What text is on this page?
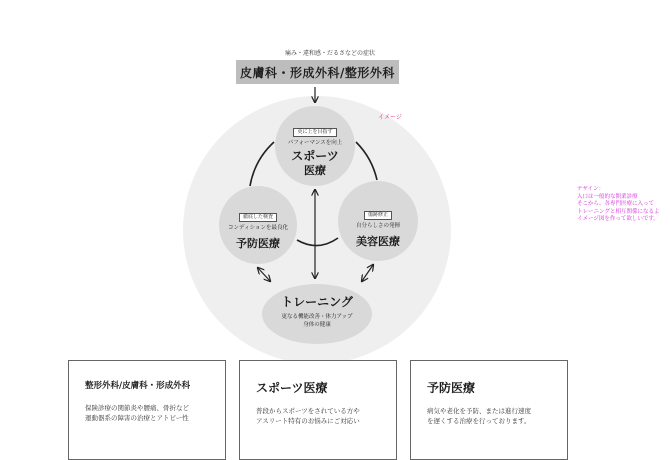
痛み・違和感・だるさなどの症状
皮膚科・形成外科/整形外科
更に上を目指す
パフォーマンスを向上
スポーツ
医療
徹底した検査
コンディションを最良化
予防医療
傷跡修正
自分らしさの発揮
美容医療
トレーニング
更なる機能改善・体力アップ
身体の健康
イメージ
デザイン：
入口は一般的な開業診療
そこから、各専門医療に入って
トレーニングと相互関係になるよ
イメージ図を作って欲しいです。
整形外科/皮膚科・形成外科
保険診療の関節炎や腰痛、骨折など
運動器系の障害の治療とアトピー性
スポーツ医療
普段からスポーツをされている方や
アスリート特有のお悩みにご対応い
予防医療
病気や老化を予防、または進行速度
を遅くする治療を行っております。
